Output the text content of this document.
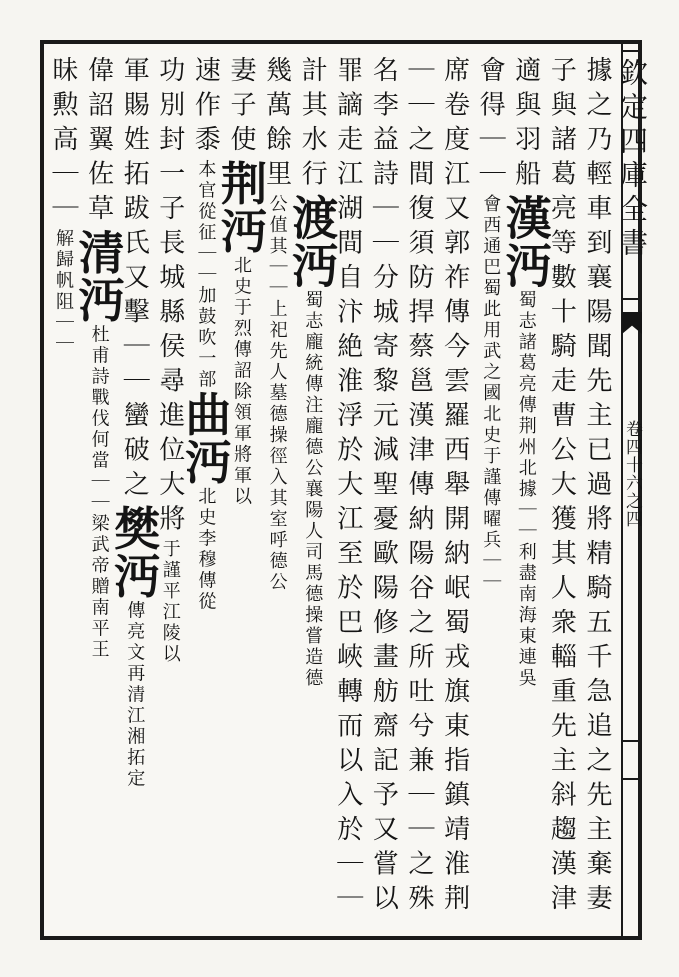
欽定四庫全書
卷四十六之四
據之乃輕車到襄陽聞先主已過將精騎五千急追之先主棄妻
子與諸葛亮等數十騎走曹公大獲其人衆輜重先主斜趨漢津
適與羽船漢沔蜀志諸葛亮傳荆州北據｜｜利盡南海東連吳
會得｜｜會西通巴蜀此用武之國北史于謹傳曜兵｜｜
席卷度江又郭祚傳今雲羅西舉開納岷蜀戎旗東指鎮靖淮荆
｜｜之間復須防捍蔡邕漢津傳納陽谷之所吐兮兼｜｜之殊
名李益詩｜｜分城寄黎元減聖憂歐陽修畫舫齋記予又嘗以
罪謫走江湖間自汴絶淮浮於大江至於巴峽轉而以入於｜｜
計其水行渡沔蜀志龐統傳注龐德公襄陽人司馬德操嘗造德
幾萬餘里公值其｜｜上祀先人墓德操徑入其室呼德公
妻子使荆沔北史于烈傳詔除領軍將軍以
速作黍本官從征｜｜加鼓吹一部曲沔北史李穆傳從
功別封一子長城縣侯尋進位大將于謹平江陵以
軍賜姓拓跋氏又擊｜｜蠻破之樊沔傳亮文再清江湘拓定
偉詔翼佐草清沔杜甫詩戰伐何當｜｜梁武帝贈南平王
昧勲高｜｜解歸帆阻｜｜
